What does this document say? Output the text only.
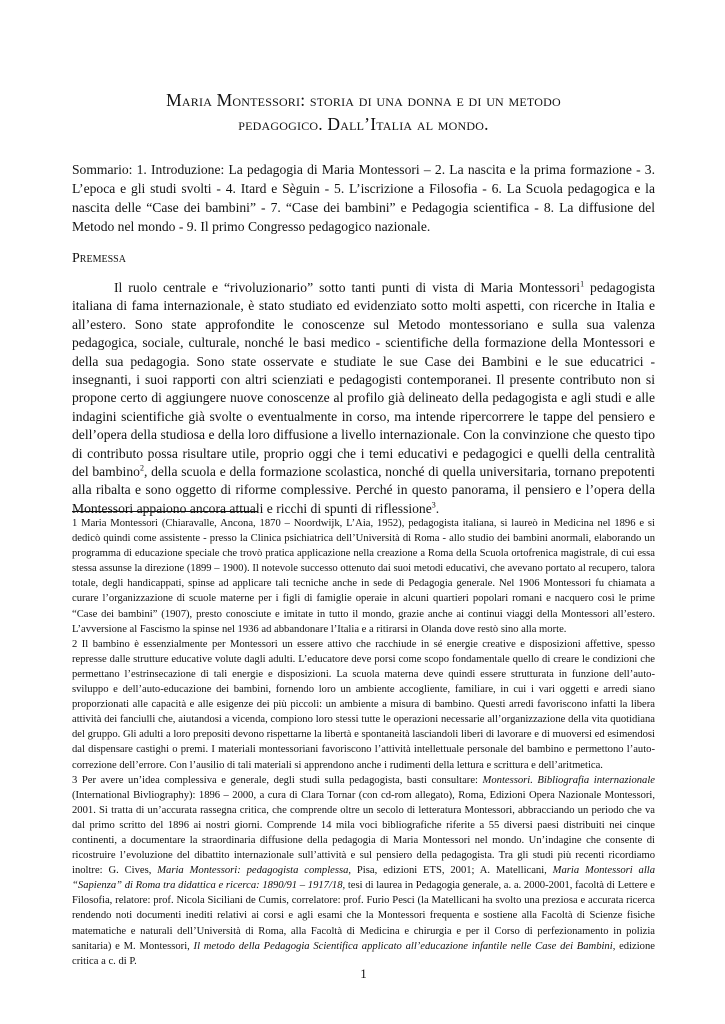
Maria Montessori: storia di una donna e di un metodo
pedagogico. Dall’Italia al mondo.
Sommario: 1. Introduzione: La pedagogia di Maria Montessori – 2. La nascita e la prima formazione - 3. L’epoca e gli studi svolti - 4. Itard e Sèguin - 5. L’iscrizione a Filosofia - 6. La Scuola pedagogica e la nascita delle “Case dei bambini” - 7. “Case dei bambini” e Pedagogia scientifica - 8. La diffusione del Metodo nel mondo - 9. Il primo Congresso pedagogico nazionale.
Premessa

Il ruolo centrale e “rivoluzionario” sotto tanti punti di vista di Maria Montessori$^1$ pedagogista italiana di fama internazionale, è stato studiato ed evidenziato sotto molti aspetti, con ricerche in Italia e all’estero. Sono state approfondite le conoscenze sul Metodo montessoriano e sulla sua valenza pedagogica, sociale, culturale, nonché le basi medico - scientifiche della formazione della Montessori e della sua pedagogia. Sono state osservate e studiate le sue Case dei Bambini e le sue educatrici - insegnanti, i suoi rapporti con altri scienziati e pedagogisti contemporanei. Il presente contributo non si propone certo di aggiungere nuove conoscenze al profilo già delineato della pedagogista e agli studi e alle indagini scientifiche già svolte o eventualmente in corso, ma intende ripercorrere le tappe del pensiero e dell’opera della studiosa e della loro diffusione a livello internazionale. Con la convinzione che questo tipo di contributo possa risultare utile, proprio oggi che i temi educativi e pedagogici e quelli della centralità del bambino$^2$, della scuola e della formazione scolastica, nonché di quella universitaria, tornano prepotenti alla ribalta e sono oggetto di riforme complessive. Perché in questo panorama, il pensiero e l’opera della Montessori appaiono ancora attuali e ricchi di spunti di riflessione$^3$.

1 Maria Montessori (Chiaravalle, Ancona, 1870 – Noordwijk, L’Aia, 1952), pedagogista italiana, si laureò in Medicina nel 1896 e si dedicò quindi come assistente - presso la Clinica psichiatrica dell’Università di Roma - allo studio dei bambini anormali, elaborando un programma di educazione speciale che trovò pratica applicazione nella creazione a Roma della Scuola ortofrenica magistrale, di cui essa stessa assunse la direzione (1899 – 1900). Il notevole successo ottenuto dai suoi metodi educativi, che avevano portato al recupero, talora totale, degli handicappati, spinse ad applicare tali tecniche anche in sede di Pedagogia generale. Nel 1906 Montessori fu chiamata a curare l’organizzazione di scuole materne per i figli di famiglie operaie in alcuni quartieri popolari romani e nacquero così le prime “Case dei bambini” (1907), presto conosciute e imitate in tutto il mondo, grazie anche ai continui viaggi della Montessori all’estero. L’avversione al Fascismo la spinse nel 1936 ad abbandonare l’Italia e a ritirarsi in Olanda dove restò sino alla morte.

2 Il bambino è essenzialmente per Montessori un essere attivo che racchiude in sé energie creative e disposizioni affettive, spesso represse dalle strutture educative volute dagli adulti. L’educatore deve porsi come scopo fondamentale quello di creare le condizioni che permettano l’estrinsecazione di tali energie e disposizioni. La scuola materna deve quindi essere strutturata in funzione dell’auto-sviluppo e dell’auto-educazione dei bambini, fornendo loro un ambiente accogliente, familiare, in cui i vari oggetti e arredi siano proporzionati alle capacità e alle esigenze dei più piccoli: un ambiente a misura di bambino. Questi arredi favoriscono infatti la libera attività dei fanciulli che, aiutandosi a vicenda, compiono loro stessi tutte le operazioni necessarie all’organizzazione della vita quotidiana del gruppo. Gli adulti a loro prepositi devono rispettarne la libertà e spontaneità lasciandoli liberi di lavorare e di muoversi ed esimendosi dal dispensare castighi o premi. I materiali montessoriani favoriscono l’attività intellettuale personale del bambino e permettono l’auto-correzione dell’errore. Con l’ausilio di tali materiali si apprendono anche i rudimenti della lettura e scrittura e dell’aritmetica.

3 Per avere un’idea complessiva e generale, degli studi sulla pedagogista, basti consultare: Montessori. Bibliografia internazionale (International Bivliography): 1896 – 2000, a cura di Clara Tornar (con cd-rom allegato), Roma, Edizioni Opera Nazionale Montessori, 2001. Si tratta di un’accurata rassegna critica, che comprende oltre un secolo di letteratura Montessori, abbracciando un periodo che va dal primo scritto del 1896 ai nostri giorni. Comprende 14 mila voci bibliografiche riferite a 55 diversi paesi distribuiti nei cinque continenti, a documentare la straordinaria diffusione della pedagogia di Maria Montessori nel mondo. Un’indagine che consente di ricostruire l’evoluzione del dibattito internazionale sull’attività e sul pensiero della pedagogista. Tra gli studi più recenti ricordiamo inoltre: G. Cives, Maria Montessori: pedagogista complessa, Pisa, edizioni ETS, 2001; A. Matellicani, Maria Montessori alla “Sapienza” di Roma tra didattica e ricerca: 1890/91 – 1917/18, tesi di laurea in Pedagogia generale, a. a. 2000-2001, facoltà di Lettere e Filosofia, relatore: prof. Nicola Siciliani de Cumis, correlatore: prof. Furio Pesci (la Matellicani ha svolto una preziosa e accurata ricerca rendendo noti documenti inediti relativi ai corsi e agli esami che la Montessori frequenta e sostiene alla Facoltà di Scienze fisiche matematiche e naturali dell’Università di Roma, alla Facoltà di Medicina e chirurgia e per il Corso di perfezionamento in polizia sanitaria) e M. Montessori, Il metodo della Pedagogia Scientifica applicato all’educazione infantile nelle Case dei Bambini, edizione critica a c. di P.

1
